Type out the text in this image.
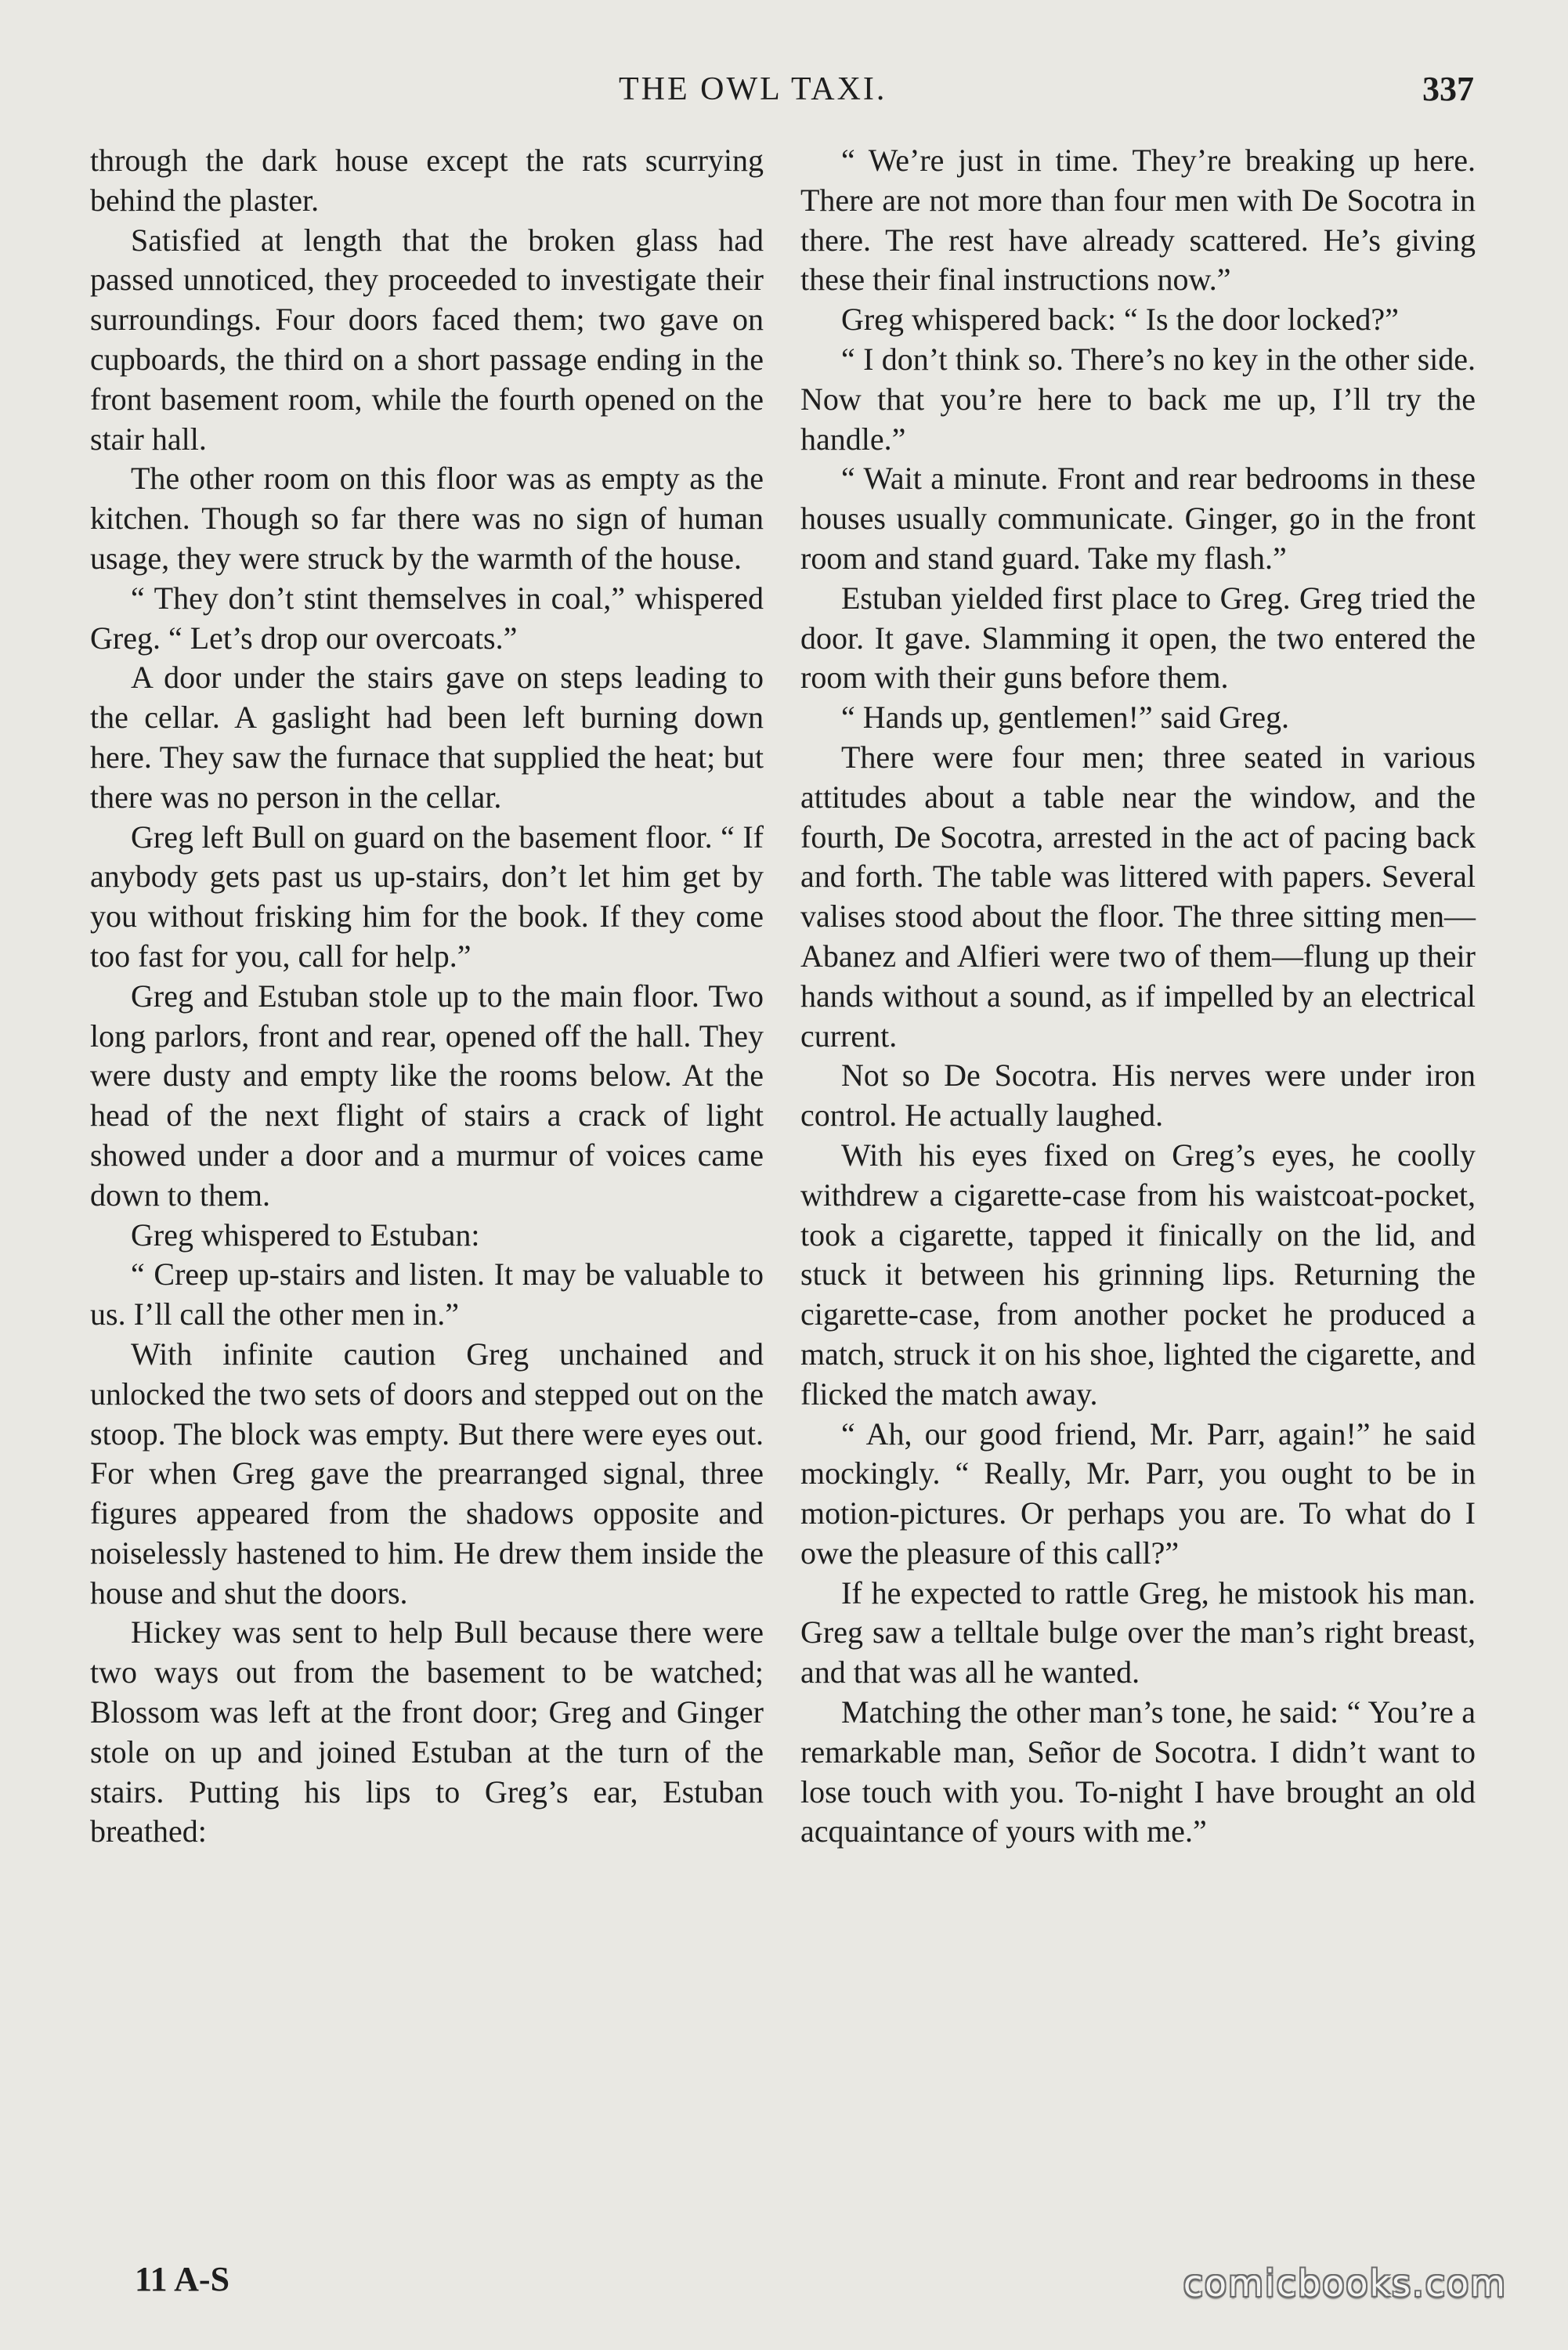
THE OWL TAXI.	337

through the dark house except the rats scurrying behind the plaster.

Satisfied at length that the broken glass had passed unnoticed, they proceeded to investigate their surroundings. Four doors faced them; two gave on cupboards, the third on a short passage ending in the front basement room, while the fourth opened on the stair hall.

The other room on this floor was as empty as the kitchen. Though so far there was no sign of human usage, they were struck by the warmth of the house.

“ They don’t stint themselves in coal,” whispered Greg. “ Let’s drop our overcoats.”

A door under the stairs gave on steps leading to the cellar. A gaslight had been left burning down here. They saw the furnace that supplied the heat; but there was no person in the cellar.

Greg left Bull on guard on the basement floor. “ If anybody gets past us up-stairs, don’t let him get by you without frisking him for the book. If they come too fast for you, call for help.”

Greg and Estuban stole up to the main floor. Two long parlors, front and rear, opened off the hall. They were dusty and empty like the rooms below. At the head of the next flight of stairs a crack of light showed under a door and a murmur of voices came down to them.

Greg whispered to Estuban:

“ Creep up-stairs and listen. It may be valuable to us. I’ll call the other men in.”

With infinite caution Greg unchained and unlocked the two sets of doors and stepped out on the stoop. The block was empty. But there were eyes out. For when Greg gave the prearranged signal, three figures appeared from the shadows opposite and noiselessly hastened to him. He drew them inside the house and shut the doors.

Hickey was sent to help Bull because there were two ways out from the basement to be watched; Blossom was left at the front door; Greg and Ginger stole on up and joined Estuban at the turn of the stairs. Putting his lips to Greg’s ear, Estuban breathed:

“ We’re just in time. They’re breaking up here. There are not more than four men with De Socotra in there. The rest have already scattered. He’s giving these their final instructions now.”

Greg whispered back: “ Is the door locked?”

“ I don’t think so. There’s no key in the other side. Now that you’re here to back me up, I’ll try the handle.”

“ Wait a minute. Front and rear bedrooms in these houses usually communicate. Ginger, go in the front room and stand guard. Take my flash.”

Estuban yielded first place to Greg. Greg tried the door. It gave. Slamming it open, the two entered the room with their guns before them.

“ Hands up, gentlemen!” said Greg.

There were four men; three seated in various attitudes about a table near the window, and the fourth, De Socotra, arrested in the act of pacing back and forth. The table was littered with papers. Several valises stood about the floor. The three sitting men—Abanez and Alfieri were two of them—flung up their hands without a sound, as if impelled by an electrical current.

Not so De Socotra. His nerves were under iron control. He actually laughed.

With his eyes fixed on Greg’s eyes, he coolly withdrew a cigarette-case from his waistcoat-pocket, took a cigarette, tapped it finically on the lid, and stuck it between his grinning lips. Returning the cigarette-case, from another pocket he produced a match, struck it on his shoe, lighted the cigarette, and flicked the match away.

“ Ah, our good friend, Mr. Parr, again!” he said mockingly. “ Really, Mr. Parr, you ought to be in motion-pictures. Or perhaps you are. To what do I owe the pleasure of this call?”

If he expected to rattle Greg, he mistook his man. Greg saw a telltale bulge over the man’s right breast, and that was all he wanted.

Matching the other man’s tone, he said: “ You’re a remarkable man, Señor de Socotra. I didn’t want to lose touch with you. To-night I have brought an old acquaintance of yours with me.”

11 A-S	comicbooks.com
